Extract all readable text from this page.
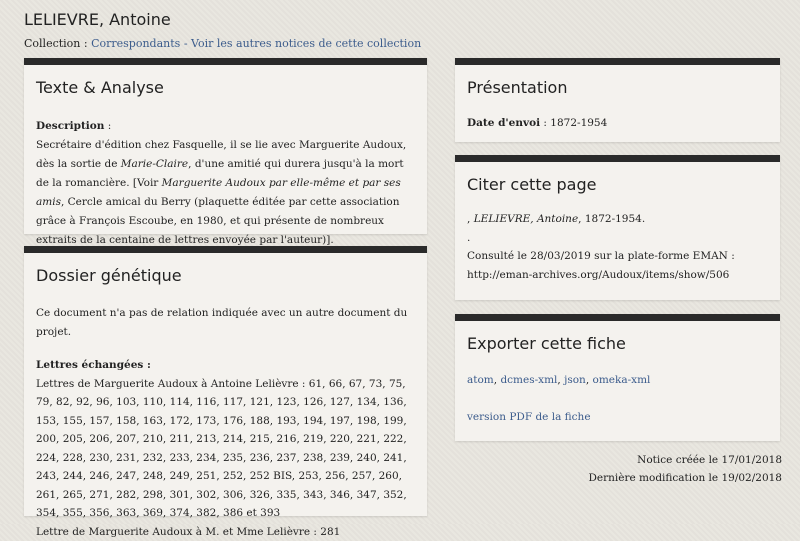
LELIEVRE, Antoine
Collection : Correspondants - Voir les autres notices de cette collection
Texte & Analyse
Description :
Secrétaire d'édition chez Fasquelle, il se lie avec Marguerite Audoux, dès la sortie de Marie-Claire, d'une amitié qui durera jusqu'à la mort de la romancière. [Voir Marguerite Audoux par elle-même et par ses amis, Cercle amical du Berry (plaquette éditée par cette association grâce à François Escoube, en 1980, et qui présente de nombreux extraits de la centaine de lettres envoyée par l'auteur)].
Dossier génétique
Ce document n'a pas de relation indiquée avec un autre document du projet.
Lettres échangées :
Lettres de Marguerite Audoux à Antoine Lelièvre : 61, 66, 67, 73, 75, 79, 82, 92, 96, 103, 110, 114, 116, 117, 121, 123, 126, 127, 134, 136, 153, 155, 157, 158, 163, 172, 173, 176, 188, 193, 194, 197, 198, 199, 200, 205, 206, 207, 210, 211, 213, 214, 215, 216, 219, 220, 221, 222, 224, 228, 230, 231, 232, 233, 234, 235, 236, 237, 238, 239, 240, 241, 243, 244, 246, 247, 248, 249, 251, 252, 252 BIS, 253, 256, 257, 260, 261, 265, 271, 282, 298, 301, 302, 306, 326, 335, 343, 346, 347, 352, 354, 355, 356, 363, 369, 374, 382, 386 et 393
Lettre de Marguerite Audoux à M. et Mme Lelièvre : 281
Présentation
Date d'envoi : 1872-1954
Citer cette page
, LELIEVRE, Antoine, 1872-1954.
.
Consulté le 28/03/2019 sur la plate-forme EMAN :
http://eman-archives.org/Audoux/items/show/506
Exporter cette fiche
atom, dcmes-xml, json, omeka-xml
version PDF de la fiche
Notice créée le 17/01/2018
Dernière modification le 19/02/2018
